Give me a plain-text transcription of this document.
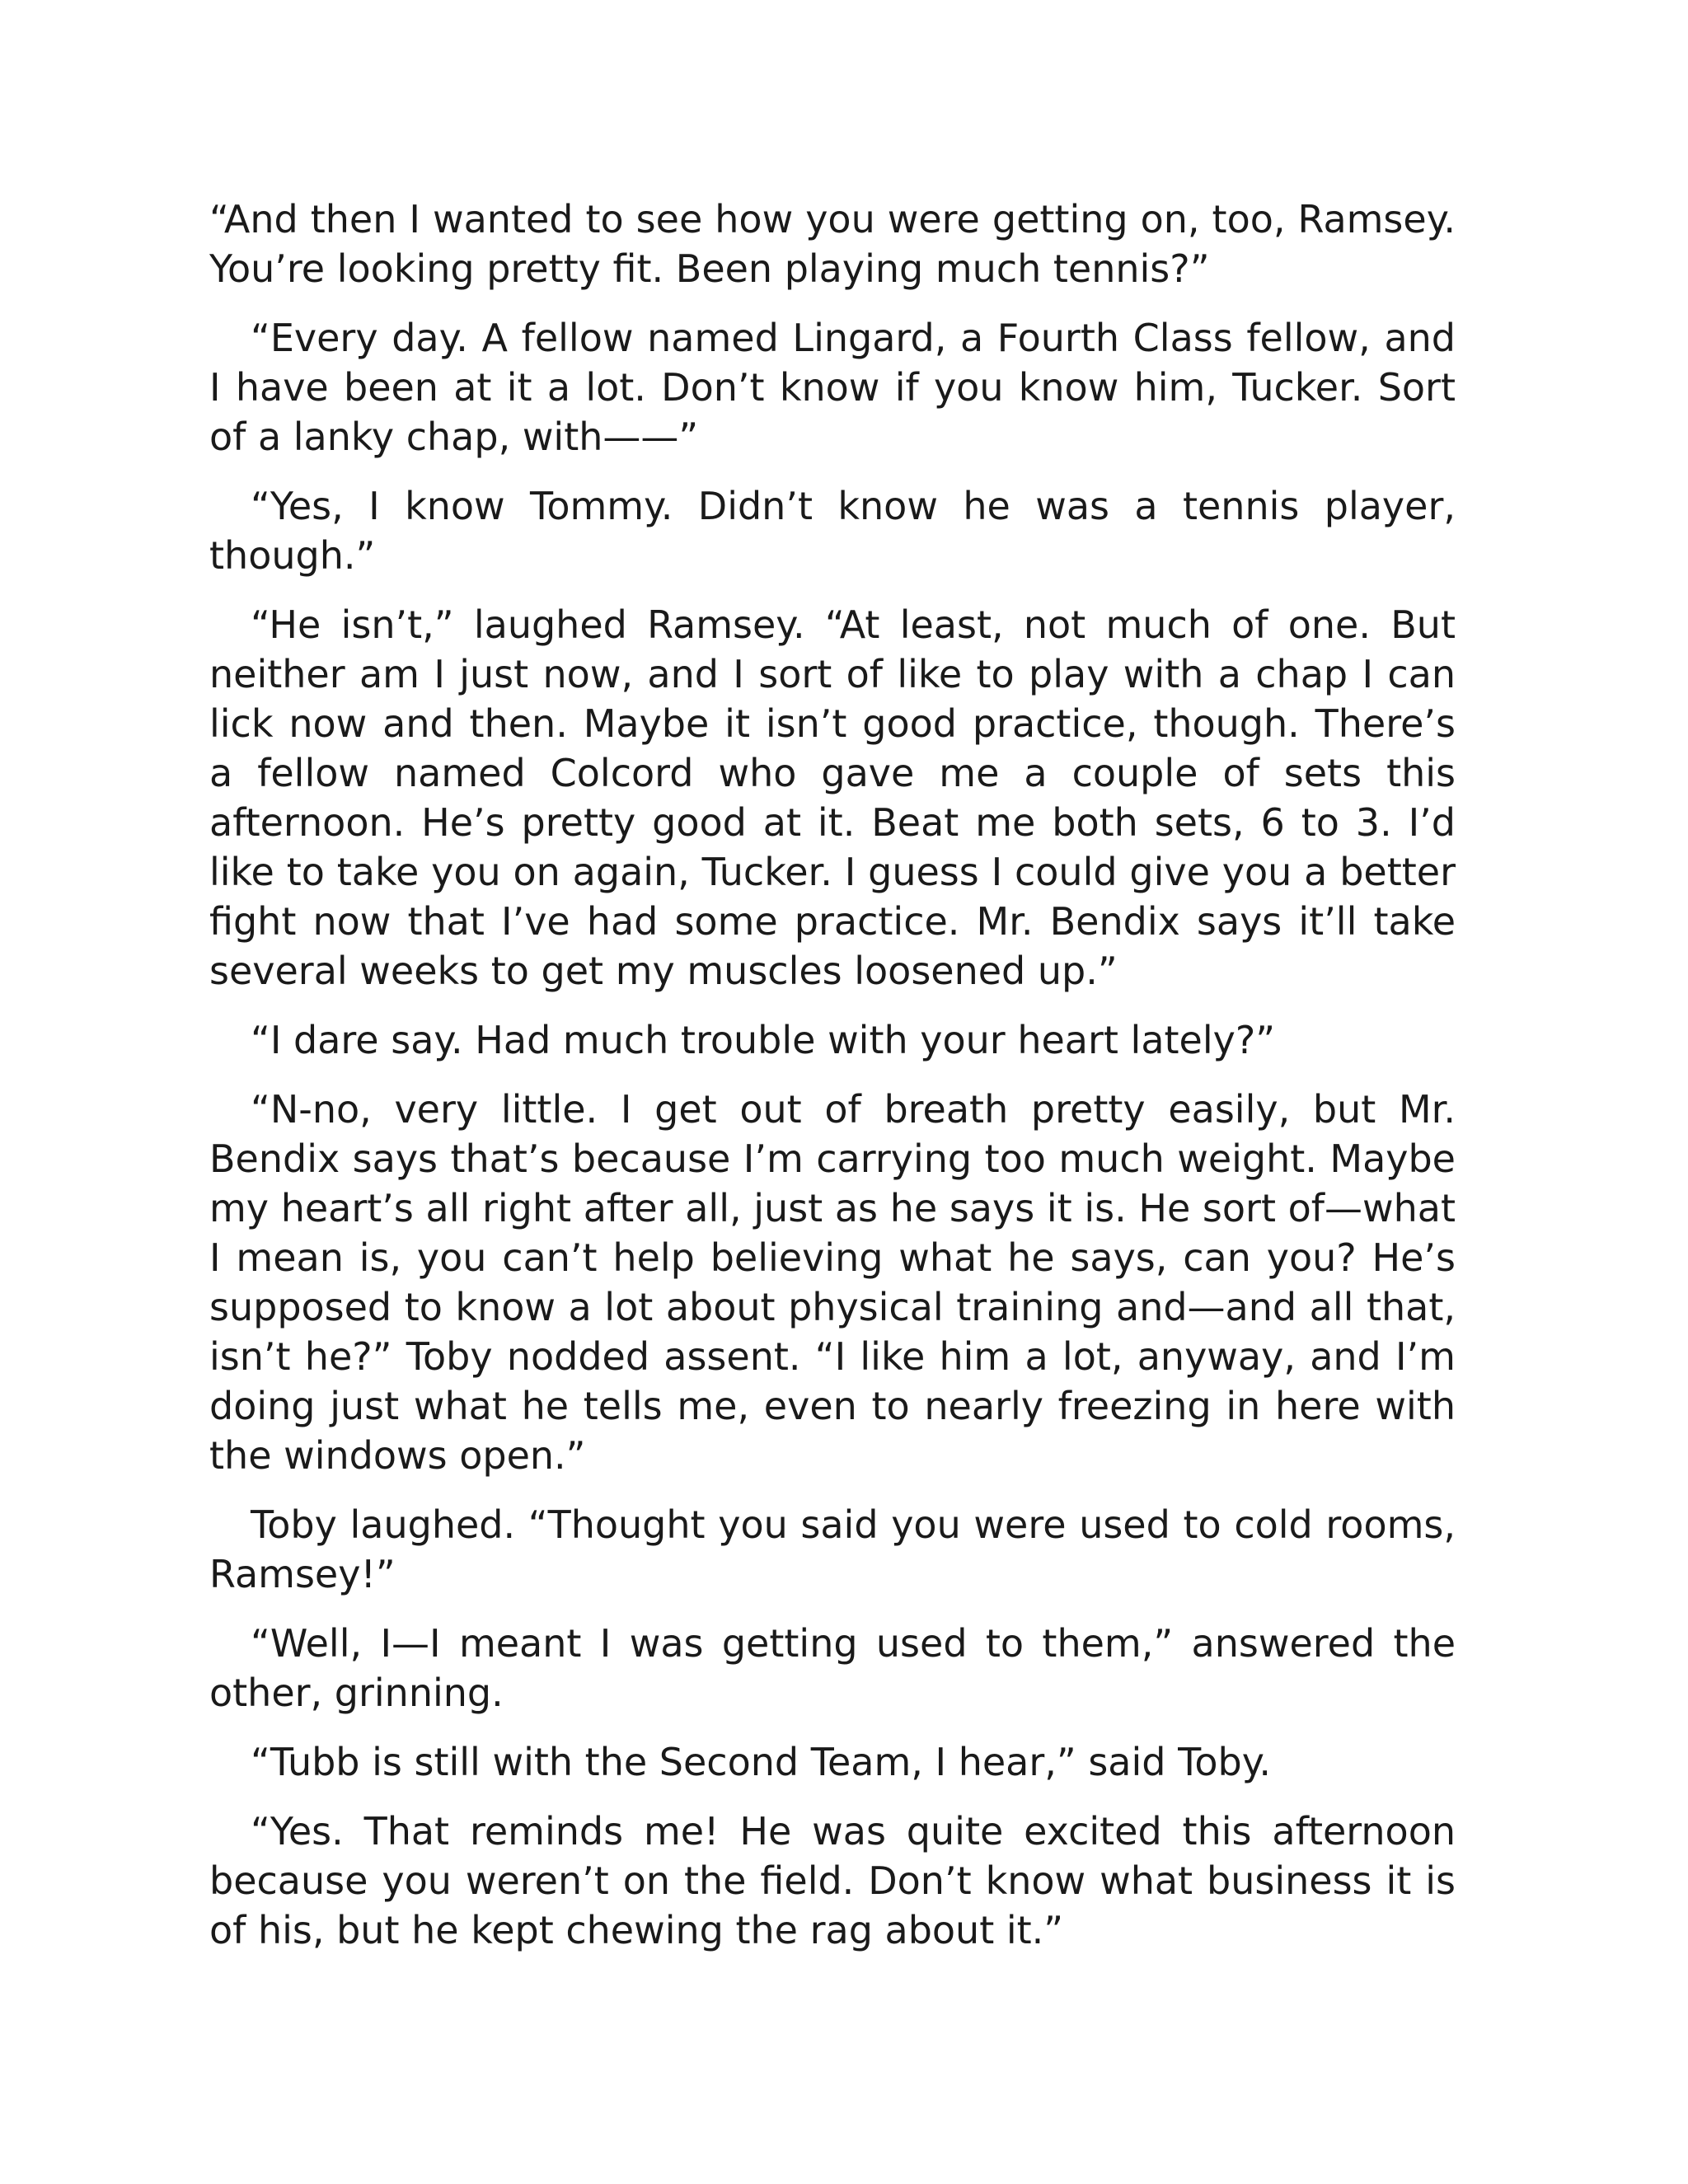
“And then I wanted to see how you were getting on, too, Ramsey. You’re looking pretty fit. Been playing much tennis?”

“Every day. A fellow named Lingard, a Fourth Class fellow, and I have been at it a lot. Don’t know if you know him, Tucker. Sort of a lanky chap, with——”

“Yes, I know Tommy. Didn’t know he was a tennis player, though.”

“He isn’t,” laughed Ramsey. “At least, not much of one. But neither am I just now, and I sort of like to play with a chap I can lick now and then. Maybe it isn’t good practice, though. There’s a fellow named Colcord who gave me a couple of sets this afternoon. He’s pretty good at it. Beat me both sets, 6 to 3. I’d like to take you on again, Tucker. I guess I could give you a better fight now that I’ve had some practice. Mr. Bendix says it’ll take several weeks to get my muscles loosened up.”

“I dare say. Had much trouble with your heart lately?”

“N-no, very little. I get out of breath pretty easily, but Mr. Bendix says that’s because I’m carrying too much weight. Maybe my heart’s all right after all, just as he says it is. He sort of—what I mean is, you can’t help believing what he says, can you? He’s supposed to know a lot about physical training and—and all that, isn’t he?” Toby nodded assent. “I like him a lot, anyway, and I’m doing just what he tells me, even to nearly freezing in here with the windows open.”

Toby laughed. “Thought you said you were used to cold rooms, Ramsey!”

“Well, I—I meant I was getting used to them,” answered the other, grinning.

“Tubb is still with the Second Team, I hear,” said Toby.

“Yes. That reminds me! He was quite excited this afternoon because you weren’t on the field. Don’t know what business it is of his, but he kept chewing the rag about it.”
